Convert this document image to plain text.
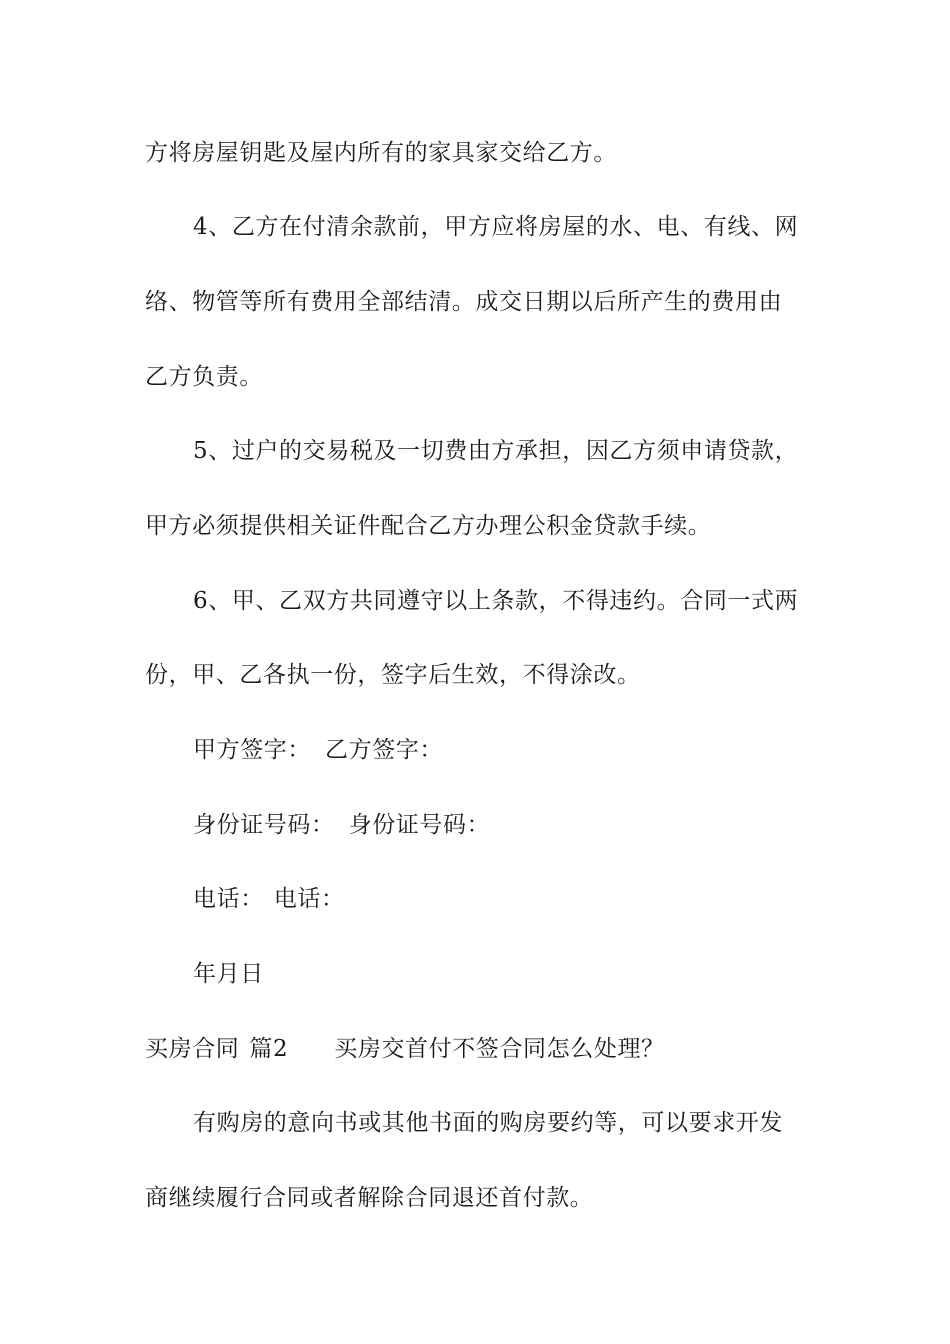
方将房屋钥匙及屋内所有的家具家交给乙方。
4、乙方在付清余款前，甲方应将房屋的水、电、有线、网
络、物管等所有费用全部结清。成交日期以后所产生的费用由
乙方负责。
5、过户的交易税及一切费由方承担，因乙方须申请贷款，
甲方必须提供相关证件配合乙方办理公积金贷款手续。
6、甲、乙双方共同遵守以上条款，不得违约。合同一式两
份，甲、乙各执一份，签字后生效，不得涂改。
甲方签字： 乙方签字：
身份证号码： 身份证号码：
电话： 电话：
年月日
买房合同 篇2 买房交首付不签合同怎么处理？
有购房的意向书或其他书面的购房要约等，可以要求开发
商继续履行合同或者解除合同退还首付款。
